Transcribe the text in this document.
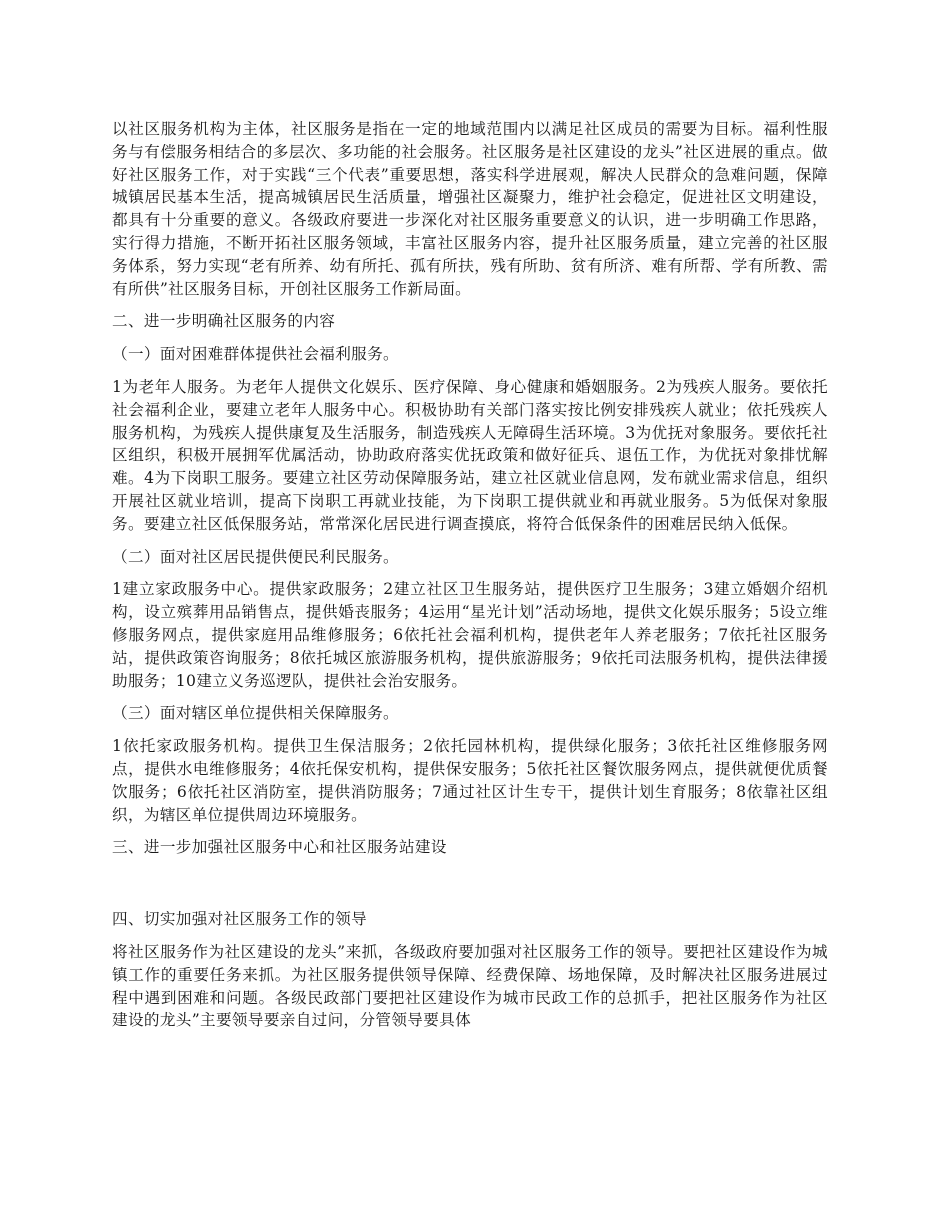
以社区服务机构为主体，社区服务是指在一定的地域范围内以满足社区成员的需要为目标。福利性服务与有偿服务相结合的多层次、多功能的社会服务。社区服务是社区建设的龙头”社区进展的重点。做好社区服务工作，对于实践“三个代表”重要思想，落实科学进展观，解决人民群众的急难问题，保障城镇居民基本生活，提高城镇居民生活质量，增强社区凝聚力，维护社会稳定，促进社区文明建设，都具有十分重要的意义。各级政府要进一步深化对社区服务重要意义的认识，进一步明确工作思路，实行得力措施，不断开拓社区服务领域，丰富社区服务内容，提升社区服务质量，建立完善的社区服务体系，努力实现“老有所养、幼有所托、孤有所扶，残有所助、贫有所济、难有所帮、学有所教、需有所供”社区服务目标，开创社区服务工作新局面。

二、进一步明确社区服务的内容

（一）面对困难群体提供社会福利服务。

1为老年人服务。为老年人提供文化娱乐、医疗保障、身心健康和婚姻服务。2为残疾人服务。要依托社会福利企业，要建立老年人服务中心。积极协助有关部门落实按比例安排残疾人就业；依托残疾人服务机构，为残疾人提供康复及生活服务，制造残疾人无障碍生活环境。3为优抚对象服务。要依托社区组织，积极开展拥军优属活动，协助政府落实优抚政策和做好征兵、退伍工作，为优抚对象排忧解难。4为下岗职工服务。要建立社区劳动保障服务站，建立社区就业信息网，发布就业需求信息，组织开展社区就业培训，提高下岗职工再就业技能，为下岗职工提供就业和再就业服务。5为低保对象服务。要建立社区低保服务站，常常深化居民进行调查摸底，将符合低保条件的困难居民纳入低保。

（二）面对社区居民提供便民利民服务。

1建立家政服务中心。提供家政服务；2建立社区卫生服务站，提供医疗卫生服务；3建立婚姻介绍机构，设立殡葬用品销售点，提供婚丧服务；4运用“星光计划”活动场地，提供文化娱乐服务；5设立维修服务网点，提供家庭用品维修服务；6依托社会福利机构，提供老年人养老服务；7依托社区服务站，提供政策咨询服务；8依托城区旅游服务机构，提供旅游服务；9依托司法服务机构，提供法律援助服务；10建立义务巡逻队，提供社会治安服务。

（三）面对辖区单位提供相关保障服务。

1依托家政服务机构。提供卫生保洁服务；2依托园林机构，提供绿化服务；3依托社区维修服务网点，提供水电维修服务；4依托保安机构，提供保安服务；5依托社区餐饮服务网点，提供就便优质餐饮服务；6依托社区消防室，提供消防服务；7通过社区计生专干，提供计划生育服务；8依靠社区组织，为辖区单位提供周边环境服务。

三、进一步加强社区服务中心和社区服务站建设

四、切实加强对社区服务工作的领导

将社区服务作为社区建设的龙头”来抓，各级政府要加强对社区服务工作的领导。要把社区建设作为城镇工作的重要任务来抓。为社区服务提供领导保障、经费保障、场地保障，及时解决社区服务进展过程中遇到困难和问题。各级民政部门要把社区建设作为城市民政工作的总抓手，把社区服务作为社区建设的龙头”主要领导要亲自过问，分管领导要具体
